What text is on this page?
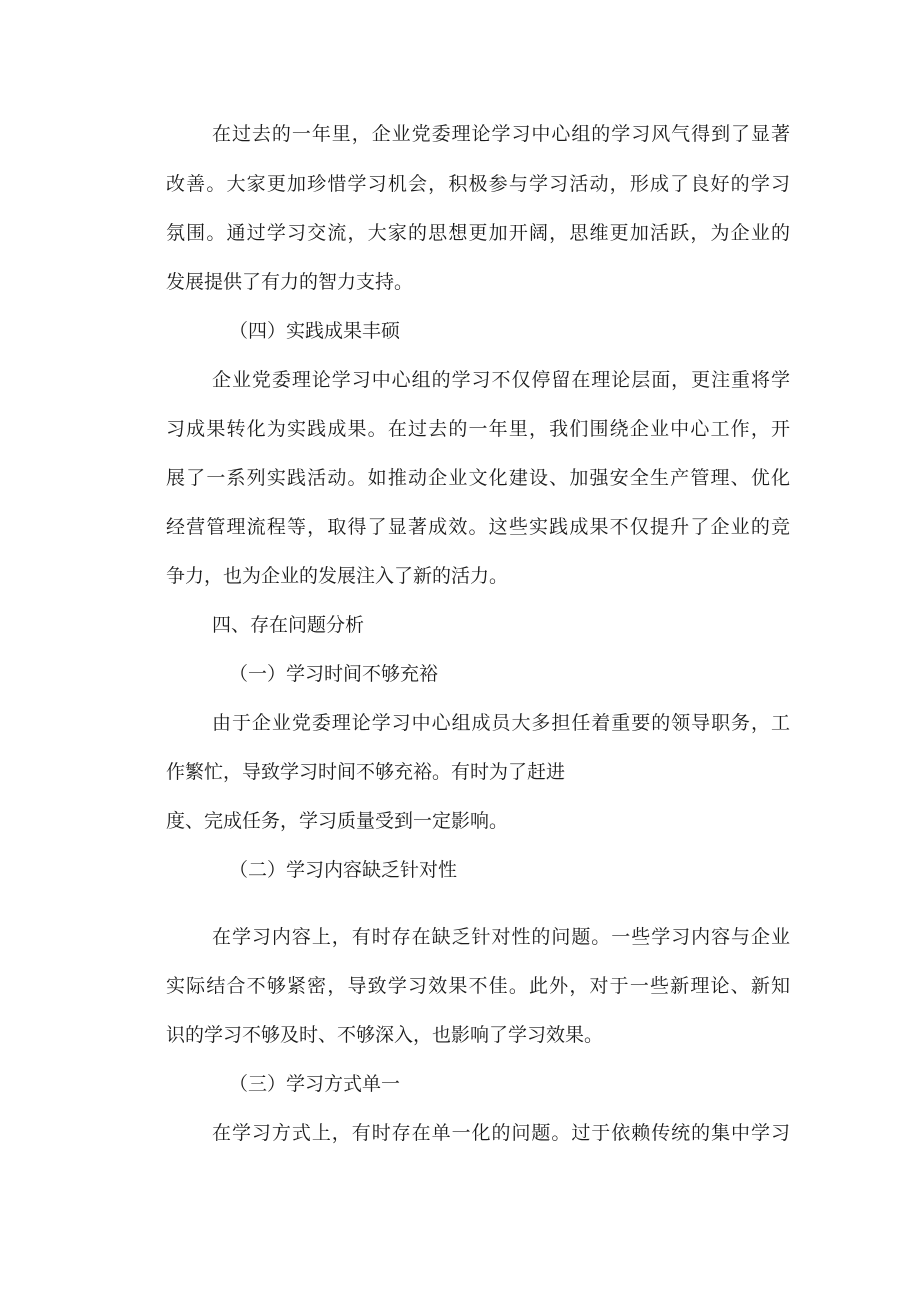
在过去的一年里，企业党委理论学习中心组的学习风气得到了显著
改善。大家更加珍惜学习机会，积极参与学习活动，形成了良好的学习
氛围。通过学习交流，大家的思想更加开阔，思维更加活跃，为企业的
发展提供了有力的智力支持。
（四）实践成果丰硕
企业党委理论学习中心组的学习不仅停留在理论层面，更注重将学
习成果转化为实践成果。在过去的一年里，我们围绕企业中心工作，开
展了一系列实践活动。如推动企业文化建设、加强安全生产管理、优化
经营管理流程等，取得了显著成效。这些实践成果不仅提升了企业的竞
争力，也为企业的发展注入了新的活力。
四、存在问题分析
（一）学习时间不够充裕
由于企业党委理论学习中心组成员大多担任着重要的领导职务，工
作繁忙，导致学习时间不够充裕。有时为了赶进
度、完成任务，学习质量受到一定影响。
（二）学习内容缺乏针对性
在学习内容上，有时存在缺乏针对性的问题。一些学习内容与企业
实际结合不够紧密，导致学习效果不佳。此外，对于一些新理论、新知
识的学习不够及时、不够深入，也影响了学习效果。
（三）学习方式单一
在学习方式上，有时存在单一化的问题。过于依赖传统的集中学习
